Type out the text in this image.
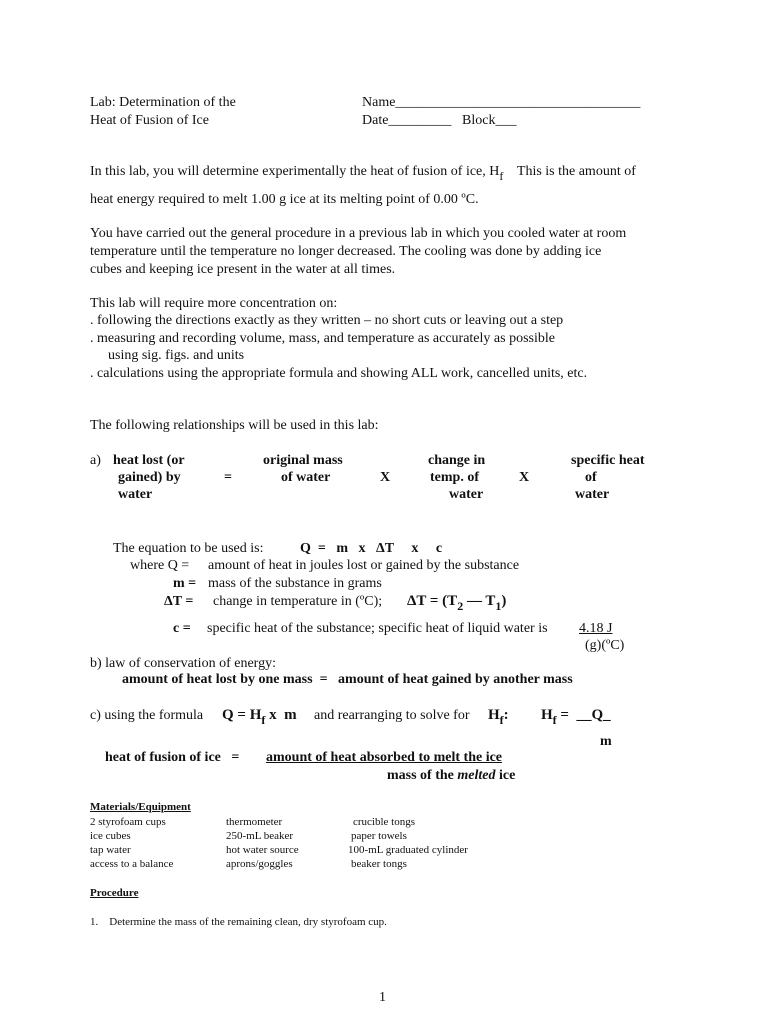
Lab: Determination of the
Heat of Fusion of Ice
Name___________________________________
Date_________ Block___
In this lab, you will determine experimentally the heat of fusion of ice, $H_f$ This is the amount of
heat energy required to melt 1.00 g ice at its melting point of 0.00 ºC.
You have carried out the general procedure in a previous lab in which you cooled water at room
temperature until the temperature no longer decreased. The cooling was done by adding ice
cubes and keeping ice present in the water at all times.
This lab will require more concentration on:
. following the directions exactly as they written – no short cuts or leaving out a step
. measuring and recording volume, mass, and temperature as accurately as possible
using sig. figs. and units
. calculations using the appropriate formula and showing ALL work, cancelled units, etc.
The following relationships will be used in this lab:
a) heat lost (or
gained) by
water
=
original mass
of water	X
change in
temp. of
water
X
specific heat
of
water
The equation to be used is:	Q  =   m   x   ΔT     x     c
where Q = amount of heat in joules lost or gained by the substance
m = mass of the substance in grams
ΔT = change in temperature in (ºC); $\Delta T = (T_2$ — $T_1$)
c = specific heat of the substance; specific heat of liquid water is 4.18 J
(g)(ºC)
b) law of conservation of energy:
amount of heat lost by one mass  =   amount of heat gained by another mass
c) using the formula $Q = H_f$ x  m and rearranging to solve for $H_f$: $H_f$ =  __Q_
m
heat of fusion of ice   = amount of heat absorbed to melt the ice
mass of the melted ice
Materials/Equipment
2 styrofoam cups
ice cubes
tap water
access to a balance
thermometer
250-mL beaker
hot water source
aprons/goggles
crucible tongs
paper towels
100-mL graduated cylinder
beaker tongs
Procedure
1.    Determine the mass of the remaining clean, dry styrofoam cup.
1
